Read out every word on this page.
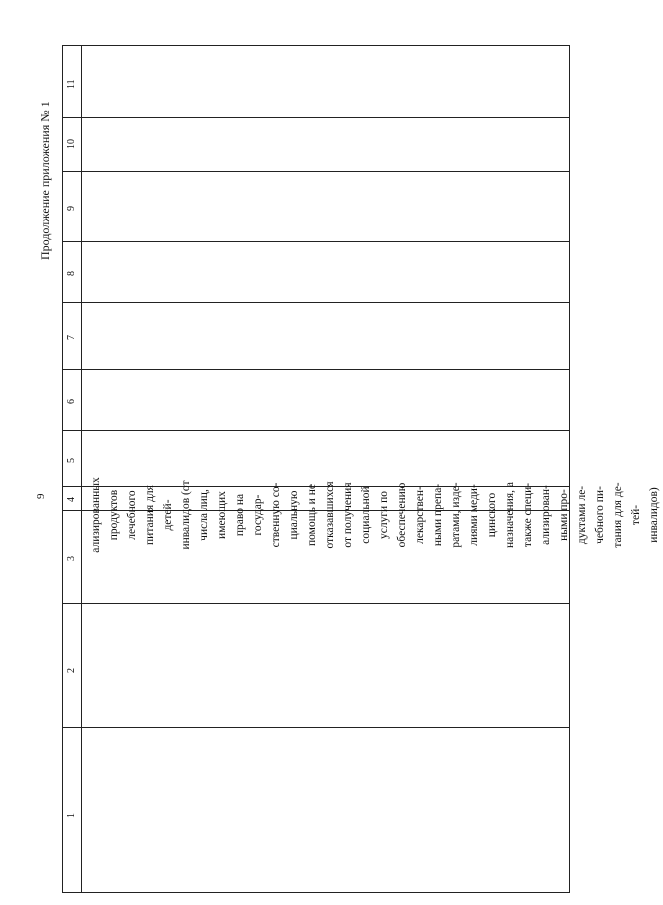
9
Продолжение приложения № 1
11
10
9
8
7
6
5
4
3
2
1
ализированных продуктов лечебного питания для детей- инвалидов (от числа лиц, имеющих право на государ- ственную со- циальную помощь и не отказавшихся от получения социальной услуги по обеспечению лекарствен- ными препа- ратами, изде- лиями меди- цинского назначения, а также специ- ализирован- ными про- дуктами ле- чебного пи- тания для де- тей- инвалидов)
